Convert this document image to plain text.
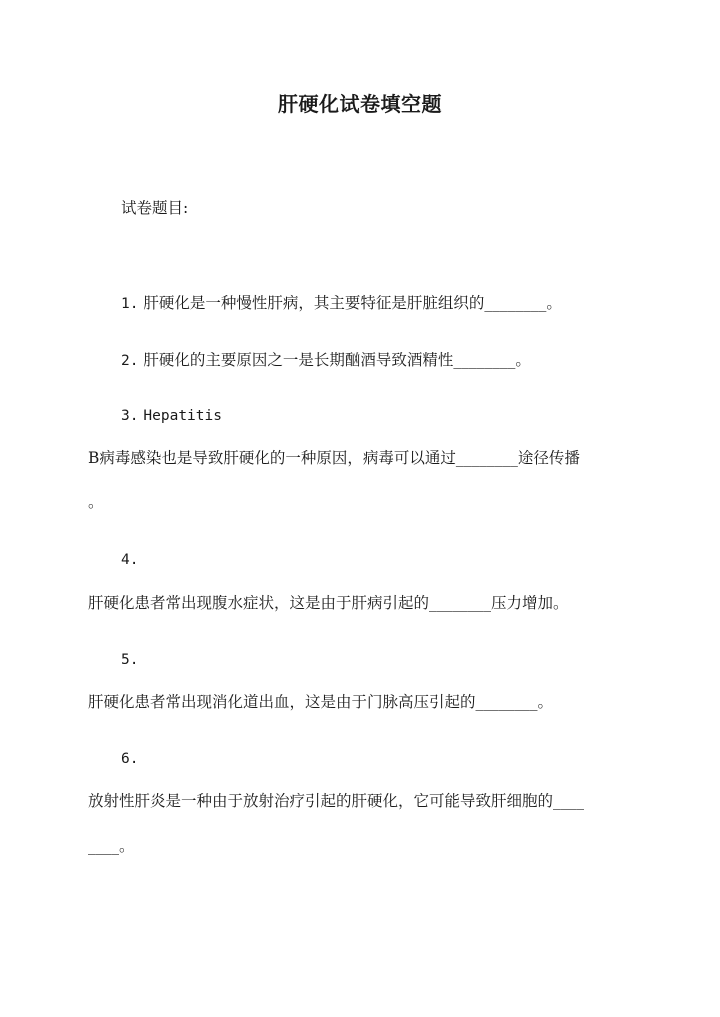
肝硬化试卷填空题
试卷题目:
1. 肝硬化是一种慢性肝病，其主要特征是肝脏组织的________。
2. 肝硬化的主要原因之一是长期酗酒导致酒精性________。
3. Hepatitis
B病毒感染也是导致肝硬化的一种原因，病毒可以通过________途径传播
。
4.
肝硬化患者常出现腹水症状，这是由于肝病引起的________压力增加。
5.
肝硬化患者常出现消化道出血，这是由于门脉高压引起的________。
6.
放射性肝炎是一种由于放射治疗引起的肝硬化，它可能导致肝细胞的____
____。
